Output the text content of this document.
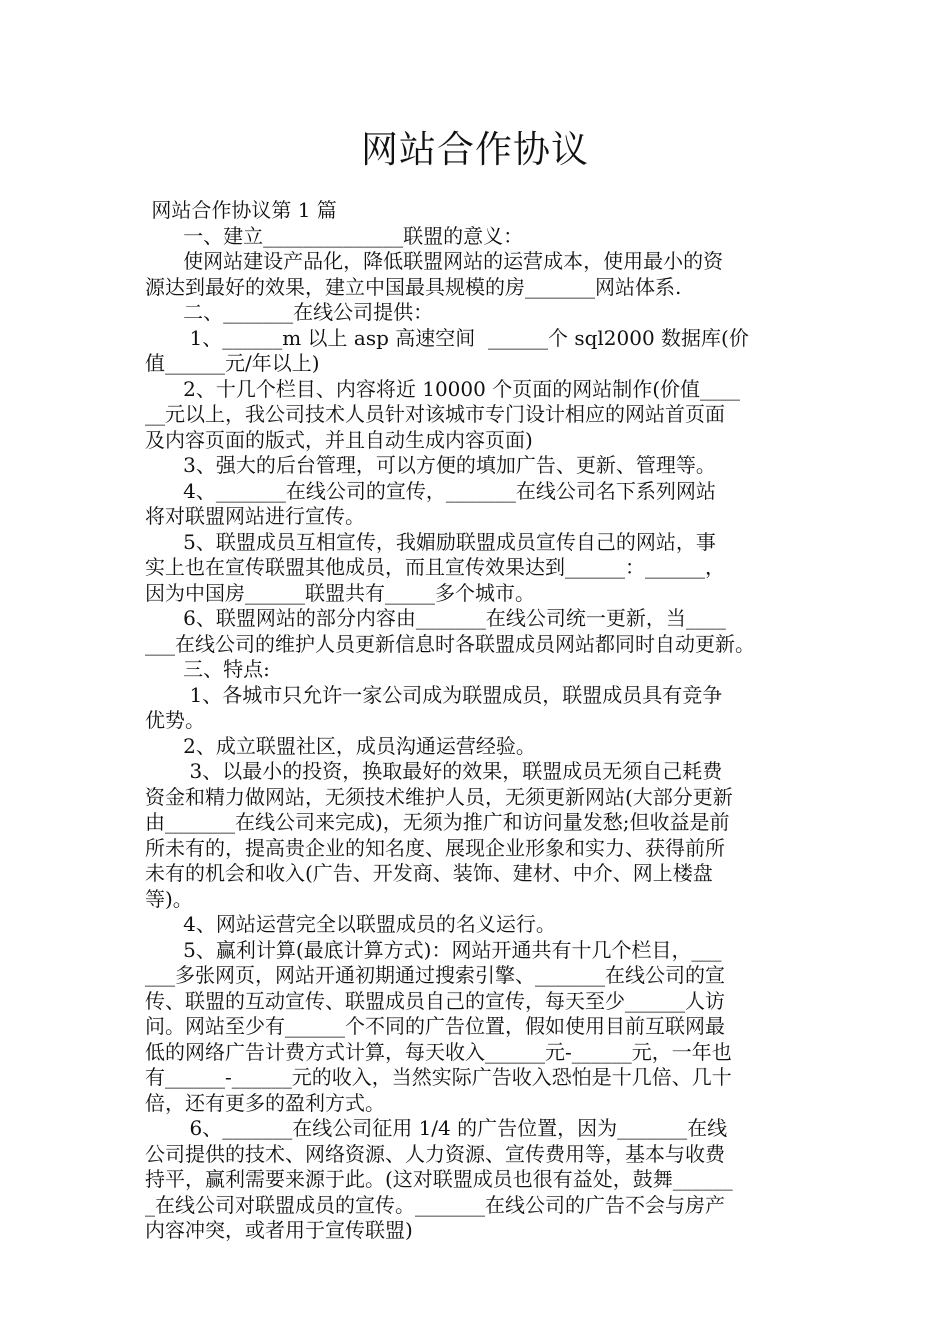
网站合作协议
网站合作协议第 1 篇
一、建立______________联盟的意义：
使网站建设产品化，降低联盟网站的运营成本，使用最小的资
源达到最好的效果，建立中国最具规模的房_______网站体系.
二、_______在线公司提供：
1、______m 以上 asp 高速空间  ______个 sql2000 数据库(价
值______元/年以上)
2、十几个栏目、内容将近 10000 个页面的网站制作(价值____
__元以上，我公司技术人员针对该城市专门设计相应的网站首页面
及内容页面的版式，并且自动生成内容页面)
3、强大的后台管理，可以方便的填加广告、更新、管理等。
4、_______在线公司的宣传，_______在线公司名下系列网站
将对联盟网站进行宣传。
5、联盟成员互相宣传，我媚励联盟成员宣传自己的网站，事
实上也在宣传联盟其他成员，而且宣传效果达到______：______，
因为中国房______联盟共有_____多个城市。
6、联盟网站的部分内容由_______在线公司统一更新，当____
___在线公司的维护人员更新信息时各联盟成员网站都同时自动更新。
三、特点:
1、各城市只允许一家公司成为联盟成员，联盟成员具有竞争
优势。
2、成立联盟社区，成员沟通运营经验。
3、以最小的投资，换取最好的效果，联盟成员无须自己耗费
资金和精力做网站，无须技术维护人员，无须更新网站(大部分更新
由_______在线公司来完成)，无须为推广和访问量发愁;但收益是前
所未有的，提高贵企业的知名度、展现企业形象和实力、获得前所
未有的机会和收入(广告、开发商、装饰、建材、中介、网上楼盘
等)。
4、网站运营完全以联盟成员的名义运行。
5、赢利计算(最底计算方式)：网站开通共有十几个栏目，___
___多张网页，网站开通初期通过搜索引擎、_______在线公司的宣
传、联盟的互动宣传、联盟成员自己的宣传，每天至少______人访
问。网站至少有______个不同的广告位置，假如使用目前互联网最
低的网络广告计费方式计算，每天收入______元-______元，一年也
有______-______元的收入，当然实际广告收入恐怕是十几倍、几十
倍，还有更多的盈利方式。
6、_______在线公司征用 1/4 的广告位置，因为_______在线
公司提供的技术、网络资源、人力资源、宣传费用等，基本与收费
持平，赢利需要来源于此。(这对联盟成员也很有益处，鼓舞______
_在线公司对联盟成员的宣传。_______在线公司的广告不会与房产
内容冲突，或者用于宣传联盟)
